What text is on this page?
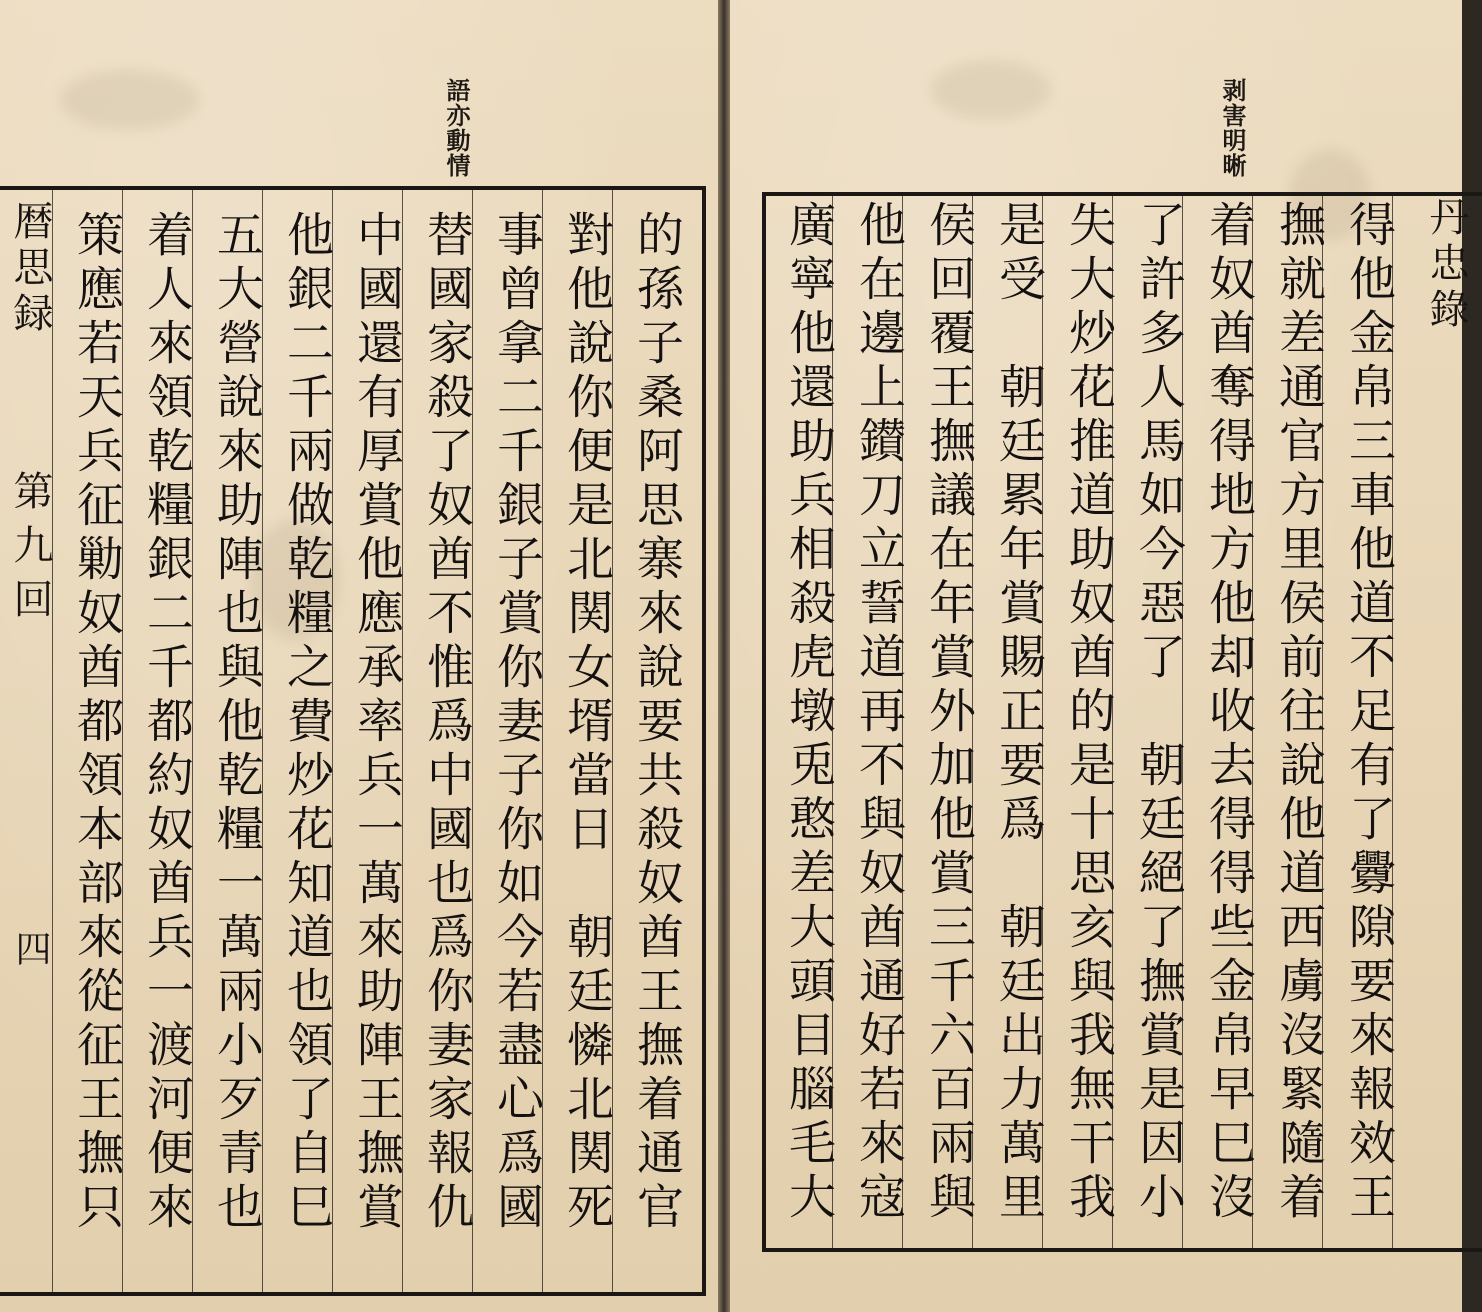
語亦動情
暦思録
第九回
四	的孫子桑阿思寨來說要共殺奴酋王撫着通官
對他說你便是北関女壻當日　朝廷憐北関死
事曾拿二千銀子賞你妻子你如今若盡心爲國
替國家殺了奴酋不惟爲中國也爲你妻家報仇
中國還有厚賞他應承率兵一萬來助陣王撫賞
他銀二千兩做乾糧之費炒花知道也領了自巳
五大營說來助陣也與他乾糧一萬兩小歹青也
着人來領乾糧銀二千都約奴酋兵一渡河便來
策應若天兵征勦奴酋都領本部來從征王撫只
剥害明晰
得他金帛三車他道不足有了釁隙要來報效王
撫就差通官方里侯前往說他道西虜沒緊隨着
着奴酋奪得地方他却收去得得些金帛早巳沒
了許多人馬如今惡了　朝廷絕了撫賞是因小
失大炒花推道助奴酋的是十思亥與我無干我
是受　朝廷累年賞賜正要爲　朝廷出力萬里
侯回覆王撫議在年賞外加他賞三千六百兩與
他在邊上鑚刀立誓道再不與奴酋通好若來寇
廣寧他還助兵相殺虎墩兎憨差大頭目腦毛大	丹忠錄
